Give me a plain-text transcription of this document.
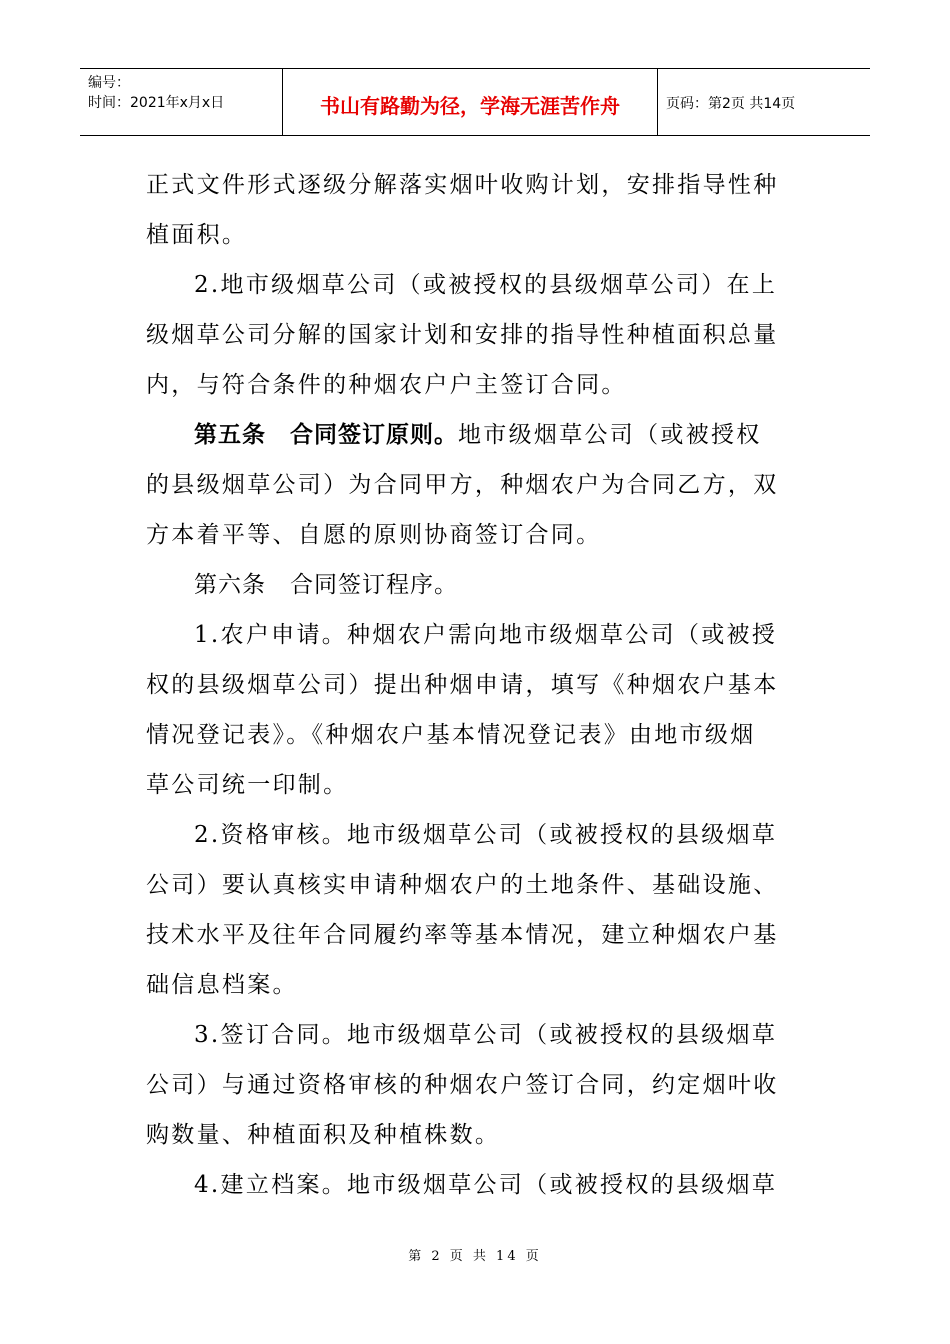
编号：
时间：2021年x月x日	书山有路勤为径，学海无涯苦作舟	页码：第2页 共14页
正式文件形式逐级分解落实烟叶收购计划，安排指导性种
植面积。
2.地市级烟草公司（或被授权的县级烟草公司）在上
级烟草公司分解的国家计划和安排的指导性种植面积总量
内，与符合条件的种烟农户户主签订合同。
第五条　合同签订原则。地市级烟草公司（或被授权
的县级烟草公司）为合同甲方，种烟农户为合同乙方，双
方本着平等、自愿的原则协商签订合同。
第六条　合同签订程序。
1.农户申请。种烟农户需向地市级烟草公司（或被授
权的县级烟草公司）提出种烟申请，填写《种烟农户基本
情况登记表》。《种烟农户基本情况登记表》由地市级烟
草公司统一印制。
2.资格审核。地市级烟草公司（或被授权的县级烟草
公司）要认真核实申请种烟农户的土地条件、基础设施、
技术水平及往年合同履约率等基本情况，建立种烟农户基
础信息档案。
3.签订合同。地市级烟草公司（或被授权的县级烟草
公司）与通过资格审核的种烟农户签订合同，约定烟叶收
购数量、种植面积及种植株数。
4.建立档案。地市级烟草公司（或被授权的县级烟草
第 2 页 共 14 页
